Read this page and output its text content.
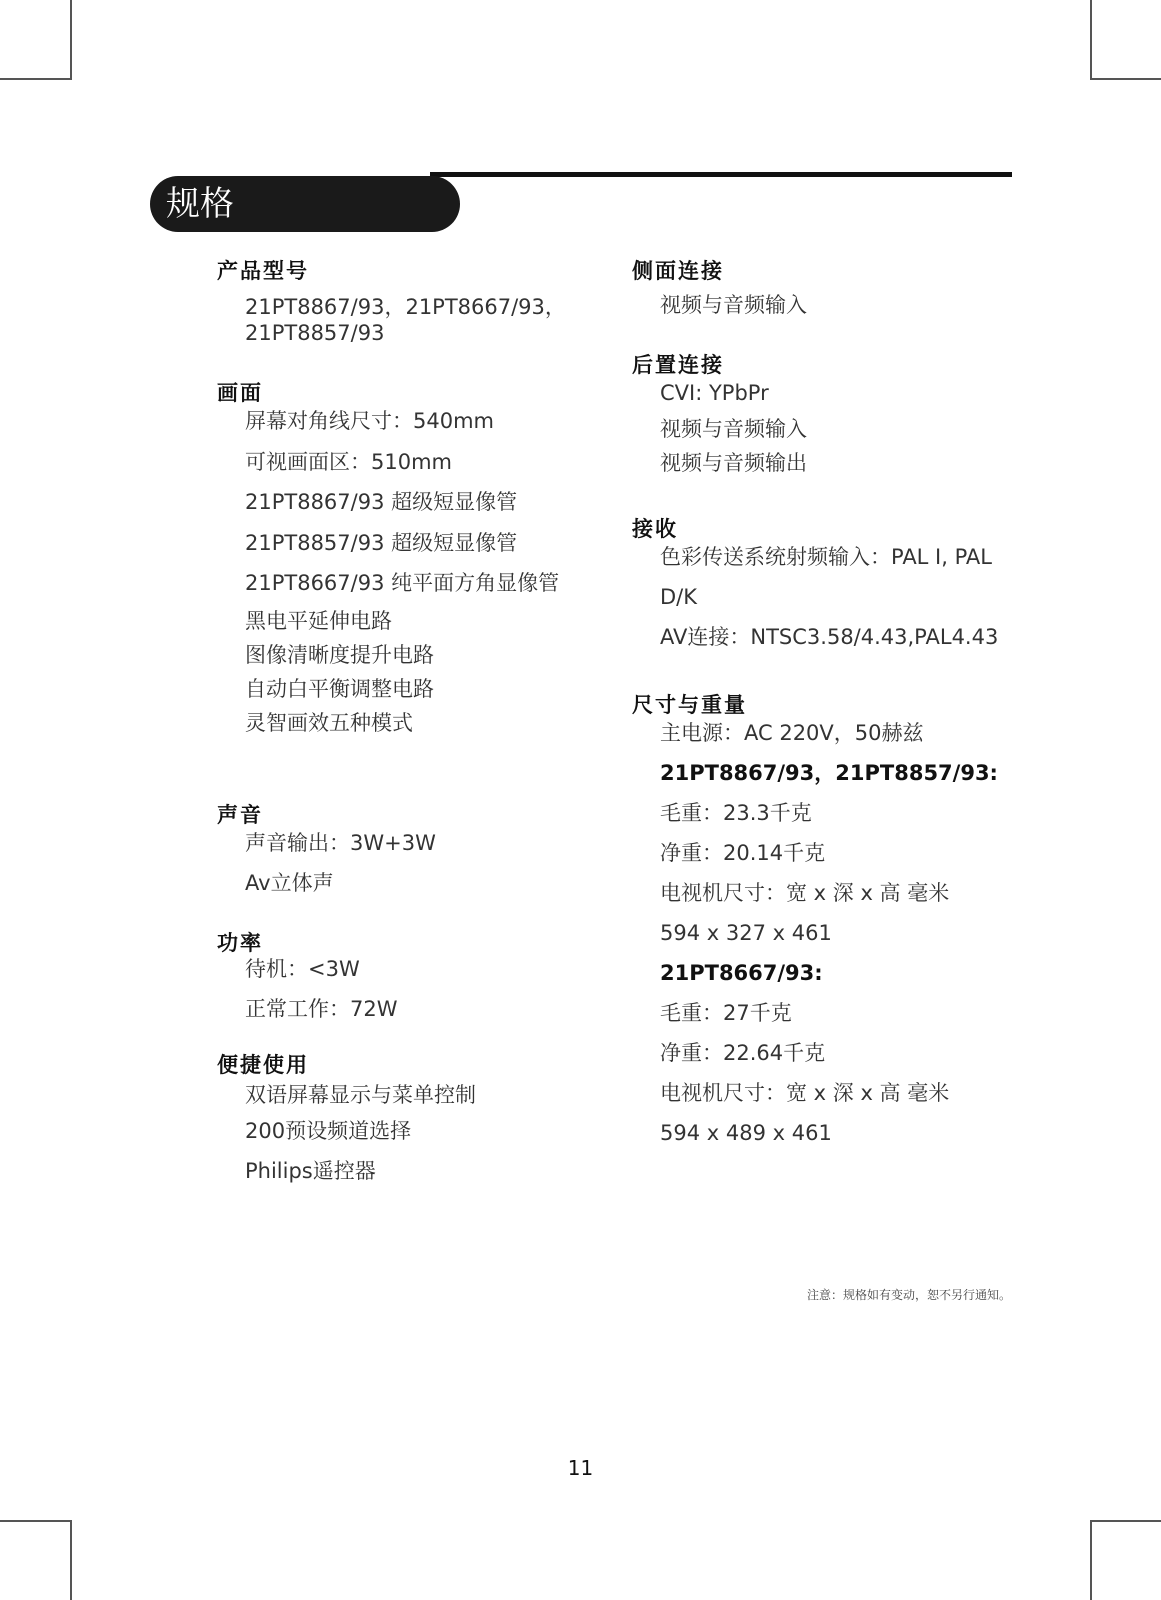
规格
产品型号
21PT8867/93，21PT8667/93，
21PT8857/93
画面
屏幕对角线尺寸：540mm
可视画面区：510mm
21PT8867/93 超级短显像管
21PT8857/93 超级短显像管
21PT8667/93 纯平面方角显像管
黑电平延伸电路
图像清晰度提升电路
自动白平衡调整电路
灵智画效五种模式
声音
声音输出：3W+3W
Av立体声
功率
待机：<3W
正常工作：72W
便捷使用
双语屏幕显示与菜单控制
200预设频道选择
Philips遥控器
侧面连接
视频与音频输入
后置连接
CVI: YPbPr
视频与音频输入
视频与音频输出
接收
色彩传送系统射频输入：PAL I, PAL
D/K
AV连接：NTSC3.58/4.43,PAL4.43
尺寸与重量
主电源：AC 220V，50赫兹
21PT8867/93，21PT8857/93:
毛重：23.3千克
净重：20.14千克
电视机尺寸：宽 x 深 x 高 毫米
594 x 327 x 461
21PT8667/93:
毛重：27千克
净重：22.64千克
电视机尺寸：宽 x 深 x 高 毫米
594 x 489 x 461
注意：规格如有变动，恕不另行通知。
11
